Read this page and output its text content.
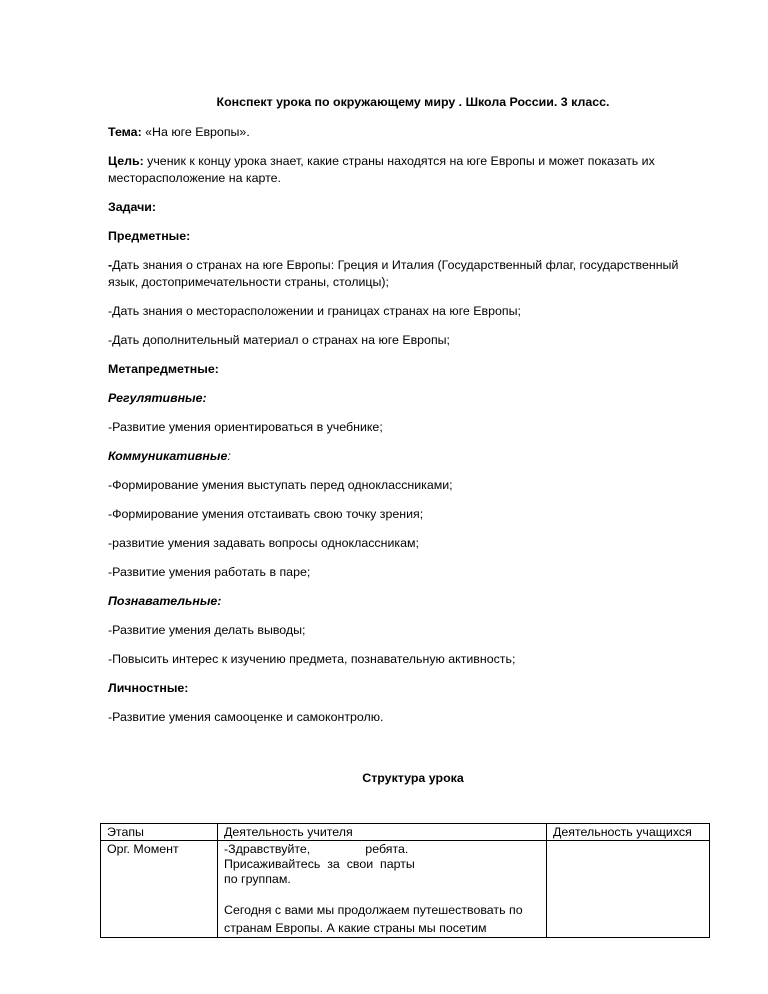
Конспект урока по окружающему миру . Школа России. 3 класс.
Тема: «На юге Европы».
Цель: ученик к концу урока знает, какие страны находятся на юге Европы и может показать их месторасположение на карте.
Задачи:
Предметные:
-Дать знания о странах на юге Европы: Греция и Италия (Государственный флаг, государственный язык, достопримечательности страны, столицы);
-Дать знания о месторасположении и границах странах на юге Европы;
-Дать дополнительный материал о странах на юге Европы;
Метапредметные:
Регулятивные:
-Развитие умения ориентироваться в учебнике;
Коммуникативные:
-Формирование умения выступать перед одноклассниками;
-Формирование умения отстаивать свою точку зрения;
-развитие умения задавать вопросы одноклассникам;
-Развитие умения работать в паре;
Познавательные:
-Развитие умения делать выводы;
-Повысить интерес к изучению предмета, познавательную активность;
Личностные:
-Развитие умения самооценке и самоконтролю.
Структура урока
Этапы	Деятельность учителя	Деятельность учащихся
Орг. Момент	-Здравствуйте,                ребята.
Присаживайтесь  за  свои  парты
по группам.
Сегодня с вами мы продолжаем путешествовать по
странам Европы. А какие страны мы посетим	
